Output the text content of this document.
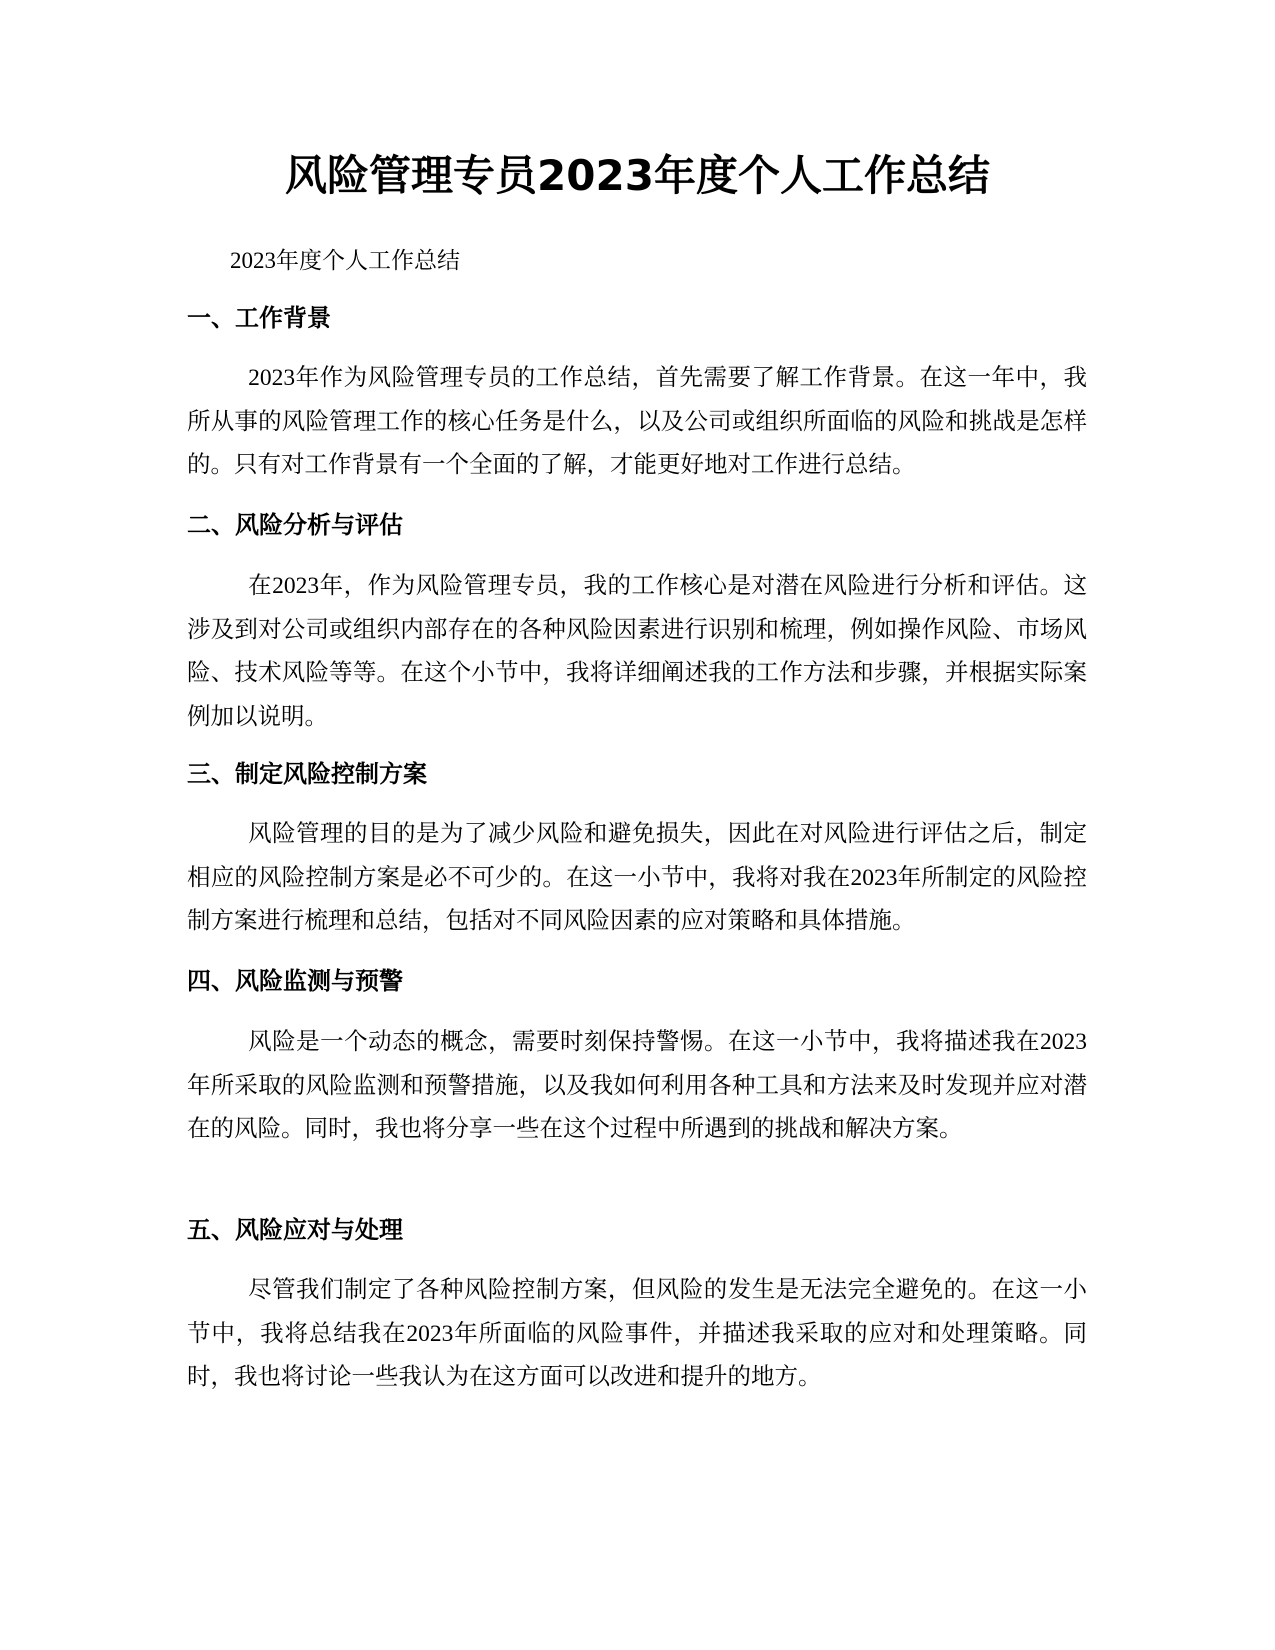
风险管理专员2023年度个人工作总结
2023年度个人工作总结
一、工作背景

2023年作为风险管理专员的工作总结，首先需要了解工作背景。在这一年中，我所从事的风险管理工作的核心任务是什么，以及公司或组织所面临的风险和挑战是怎样的。只有对工作背景有一个全面的了解，才能更好地对工作进行总结。

二、风险分析与评估

在2023年，作为风险管理专员，我的工作核心是对潜在风险进行分析和评估。这涉及到对公司或组织内部存在的各种风险因素进行识别和梳理，例如操作风险、市场风险、技术风险等等。在这个小节中，我将详细阐述我的工作方法和步骤，并根据实际案例加以说明。

三、制定风险控制方案

风险管理的目的是为了减少风险和避免损失，因此在对风险进行评估之后，制定相应的风险控制方案是必不可少的。在这一小节中，我将对我在2023年所制定的风险控制方案进行梳理和总结，包括对不同风险因素的应对策略和具体措施。

四、风险监测与预警

风险是一个动态的概念，需要时刻保持警惕。在这一小节中，我将描述我在2023年所采取的风险监测和预警措施，以及我如何利用各种工具和方法来及时发现并应对潜在的风险。同时，我也将分享一些在这个过程中所遇到的挑战和解决方案。

五、风险应对与处理

尽管我们制定了各种风险控制方案，但风险的发生是无法完全避免的。在这一小节中，我将总结我在2023年所面临的风险事件，并描述我采取的应对和处理策略。同时，我也将讨论一些我认为在这方面可以改进和提升的地方。
